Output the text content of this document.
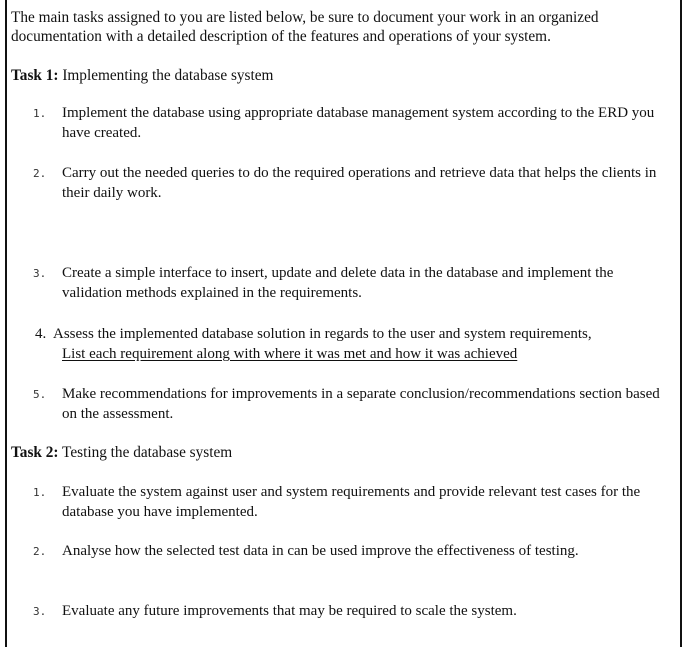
The main tasks assigned to you are listed below, be sure to document your work in an organized documentation with a detailed description of the features and operations of your system.
Task 1: Implementing the database system
1.	Implement the database using appropriate database management system according to the ERD you have created.
2.	Carry out the needed queries to do the required operations and retrieve data that helps the clients in their daily work.
3.	Create a simple interface to insert, update and delete data in the database and implement the validation methods explained in the requirements.
4. Assess the implemented database solution in regards to the user and system requirements,
List each requirement along with where it was met and how it was achieved
5.	Make recommendations for improvements in a separate conclusion/recommendations section based on the assessment.
Task 2: Testing the database system
1.	Evaluate the system against user and system requirements and provide relevant test cases for the database you have implemented.
2.	Analyse how the selected test data in can be used improve the effectiveness of testing.
3.	Evaluate any future improvements that may be required to scale the system.
